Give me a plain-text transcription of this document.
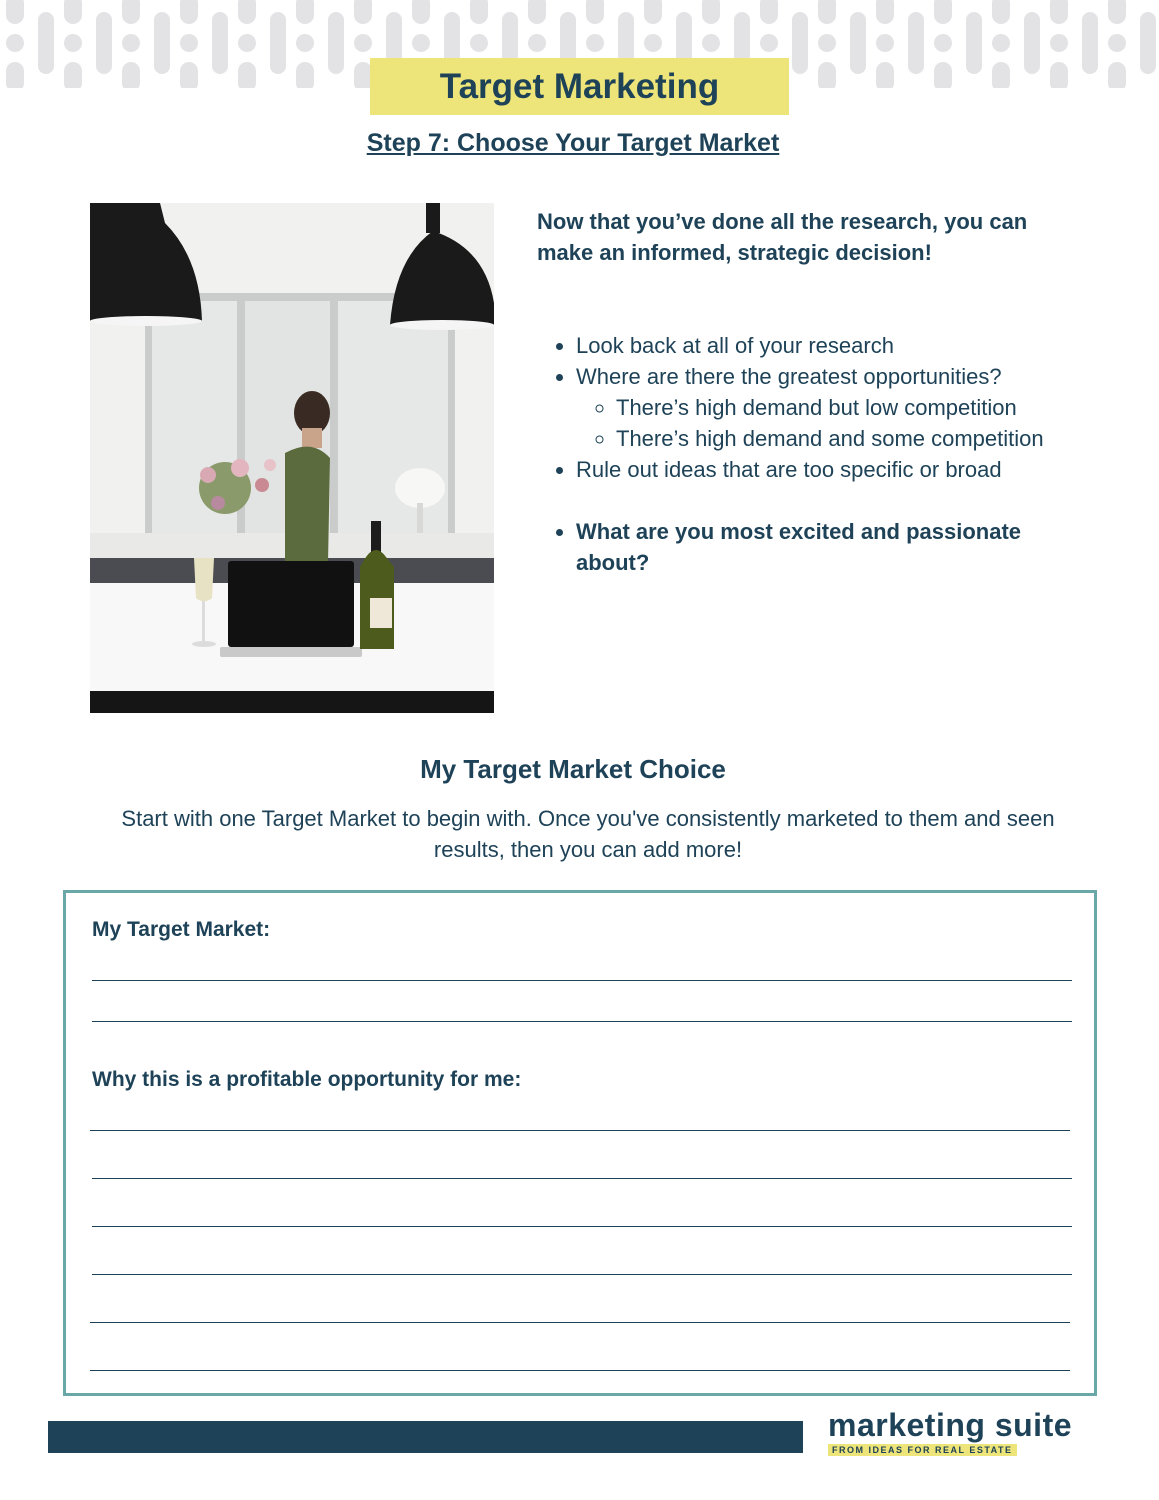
Target Marketing
Step 7: Choose Your Target Market

Now that you’ve done all the research, you can make an informed, strategic decision!

• Look back at all of your research
• Where are there the greatest opportunities?
◦ There’s high demand but low competition
◦ There’s high demand and some competition
• Rule out ideas that are too specific or broad
• What are you most excited and passionate about?
My Target Market Choice
Start with one Target Market to begin with. Once you've consistently marketed to them and seen results, then you can add more!
My Target Market:
Why this is a profitable opportunity for me:
marketing suite
FROM IDEAS FOR REAL ESTATE
